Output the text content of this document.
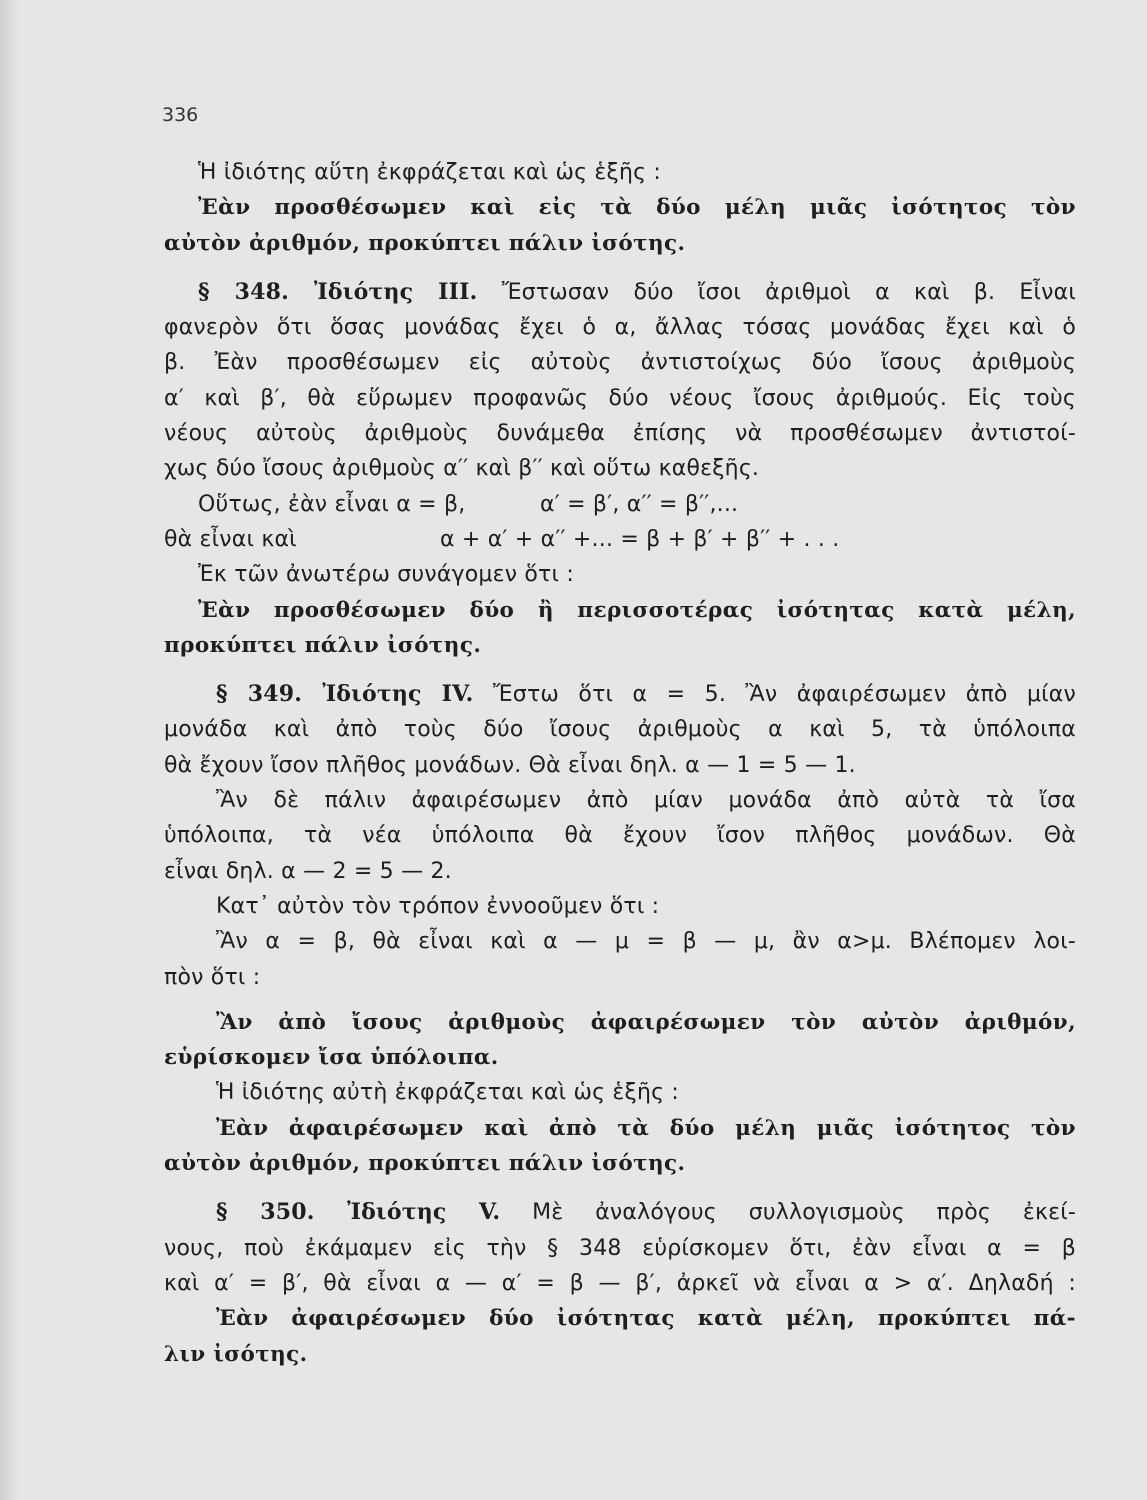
336
Ἡ ἰδιότης αὕτη ἐκφράζεται καὶ ὡς ἑξῆς :
Ἐὰν προσθέσωμεν καὶ εἰς τὰ δύο μέλη μιᾶς ἰσότητος τὸν
αὐτὸν ἀριθμόν, προκύπτει πάλιν ἰσότης.
§ 348. Ἰδιότης III. Ἔστωσαν δύο ἴσοι ἀριθμοὶ α καὶ β. Εἶναι
φανερὸν ὅτι ὅσας μονάδας ἔχει ὁ α, ἄλλας τόσας μονάδας ἔχει καὶ ὁ
β. Ἐὰν προσθέσωμεν εἰς αὐτοὺς ἀντιστοίχως δύο ἴσους ἀριθμοὺς
α′ καὶ β′, θὰ εὕρωμεν προφανῶς δύο νέους ἴσους ἀριθμούς. Εἰς τοὺς
νέους αὐτοὺς ἀριθμοὺς δυνάμεθα ἐπίσης νὰ προσθέσωμεν ἀντιστοί-
χως δύο ἴσους ἀριθμοὺς α′′ καὶ β′′ καὶ οὕτω καθεξῆς.
Οὕτως, ἐὰν εἶναι α = β,	α′ = β′, α′′ = β′′,...
θὰ εἶναι καὶ	α + α′ + α′′ +... = β + β′ + β′′ + . . .
Ἐκ τῶν ἀνωτέρω συνάγομεν ὅτι :
Ἐὰν προσθέσωμεν δύο ἢ περισσοτέρας ἰσότητας κατὰ μέλη,
προκύπτει πάλιν ἰσότης.
§ 349. Ἰδιότης IV. Ἔστω ὅτι α = 5. Ἂν ἀφαιρέσωμεν ἀπὸ μίαν
μονάδα καὶ ἀπὸ τοὺς δύο ἴσους ἀριθμοὺς α καὶ 5, τὰ ὑπόλοιπα
θὰ ἔχουν ἴσον πλῆθος μονάδων. Θὰ εἶναι δηλ. α — 1 = 5 — 1.
Ἂν δὲ πάλιν ἀφαιρέσωμεν ἀπὸ μίαν μονάδα ἀπὸ αὐτὰ τὰ ἴσα
ὑπόλοιπα, τὰ νέα ὑπόλοιπα θὰ ἔχουν ἴσον πλῆθος μονάδων. Θὰ
εἶναι δηλ. α — 2 = 5 — 2.
Κατ᾽ αὐτὸν τὸν τρόπον ἐννοοῦμεν ὅτι :
Ἂν α = β, θὰ εἶναι καὶ α — μ = β — μ, ἂν α>μ. Βλέπομεν λοι-
πὸν ὅτι :
Ἂν ἀπὸ ἴσους ἀριθμοὺς ἀφαιρέσωμεν τὸν αὐτὸν ἀριθμόν,
εὑρίσκομεν ἴσα ὑπόλοιπα.
Ἡ ἰδιότης αὐτὴ ἐκφράζεται καὶ ὡς ἑξῆς :
Ἐὰν ἀφαιρέσωμεν καὶ ἀπὸ τὰ δύο μέλη μιᾶς ἰσότητος τὸν
αὐτὸν ἀριθμόν, προκύπτει πάλιν ἰσότης.
§ 350. Ἰδιότης V. Μὲ ἀναλόγους συλλογισμοὺς πρὸς ἐκεί-
νους, ποὺ ἐκάμαμεν εἰς τὴν § 348 εὑρίσκομεν ὅτι, ἐὰν εἶναι α = β
καὶ α′ = β′, θὰ εἶναι α — α′ = β — β′, ἀρκεῖ νὰ εἶναι α > α′. Δηλαδή :
Ἐὰν ἀφαιρέσωμεν δύο ἰσότητας κατὰ μέλη, προκύπτει πά-
λιν ἰσότης.
